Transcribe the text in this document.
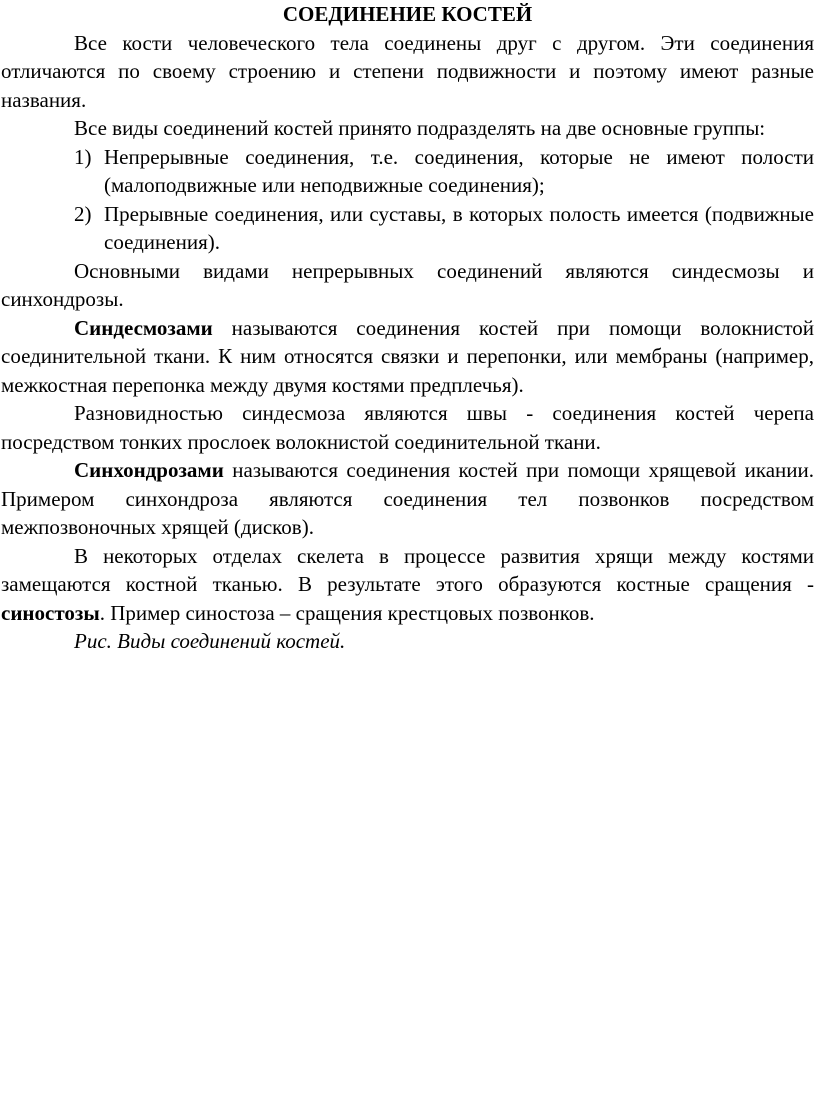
СОЕДИНЕНИЕ КОСТЕЙ

Все кости человеческого тела соединены друг с другом. Эти соединения отличаются по своему строению и степени подвижности и поэтому имеют разные названия.

Все виды соединений костей принято подразделять на две основные группы:

1) Непрерывные соединения, т.е. соединения, которые не имеют полости (малоподвижные или неподвижные соединения);
2) Прерывные соединения, или суставы, в которых полость имеется (подвижные соединения).

Основными видами непрерывных соединений являются синдесмозы и синхондрозы.

Синдесмозами называются соединения костей при помощи волокнистой соединительной ткани. К ним относятся связки и перепонки, или мембраны (например, межкостная перепонка между двумя костями предплечья).

Разновидностью синдесмоза являются швы - соединения костей черепа посредством тонких прослоек волокнистой соединительной ткани.

Синхондрозами называются соединения костей при помощи хрящевой икании. Примером синхондроза являются соединения тел позвонков посредством межпозвоночных хрящей (дисков).

В некоторых отделах скелета в процессе развития хрящи между костями замещаются костной тканью. В результате этого образуются костные сращения - синостозы. Пример синостоза – сращения крестцовых позвонков.

Рис. Виды соединений костей.
